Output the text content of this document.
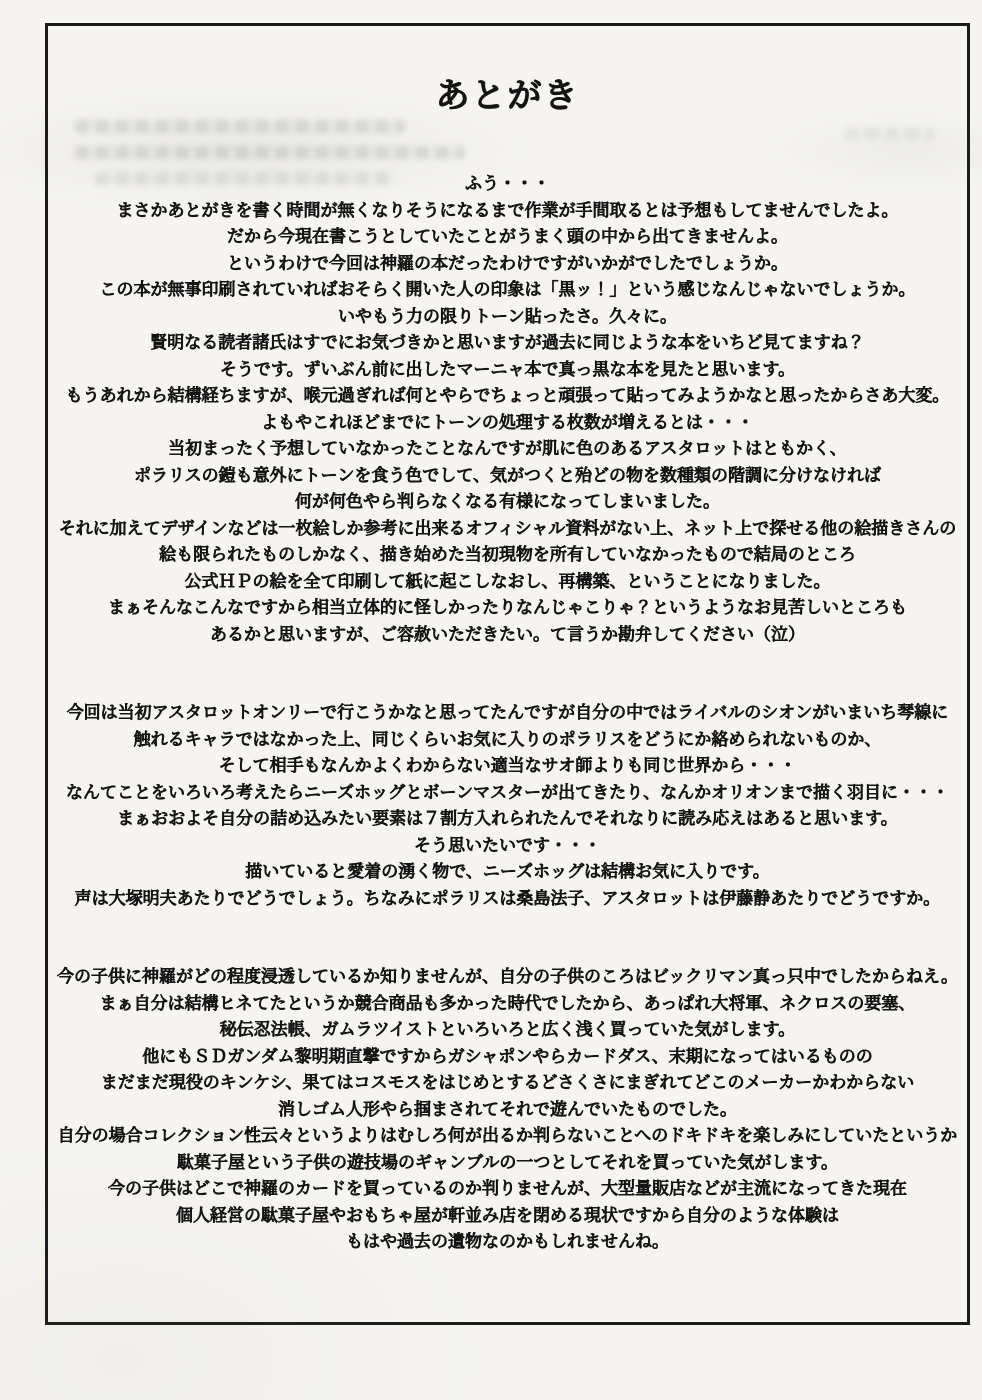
あとがき
ふう・・・
まさかあとがきを書く時間が無くなりそうになるまで作業が手間取るとは予想もしてませんでしたよ。
だから今現在書こうとしていたことがうまく頭の中から出てきませんよ。
というわけで今回は神羅の本だったわけですがいかがでしたでしょうか。
この本が無事印刷されていればおそらく開いた人の印象は「黒ッ！」という感じなんじゃないでしょうか。
いやもう力の限りトーン貼ったさ。久々に。
賢明なる読者諸氏はすでにお気づきかと思いますが過去に同じような本をいちど見てますね？
そうです。ずいぶん前に出したマーニャ本で真っ黒な本を見たと思います。
もうあれから結構経ちますが、喉元過ぎれば何とやらでちょっと頑張って貼ってみようかなと思ったからさあ大変。
よもやこれほどまでにトーンの処理する枚数が増えるとは・・・
当初まったく予想していなかったことなんですが肌に色のあるアスタロットはともかく、
ポラリスの鎧も意外にトーンを食う色でして、気がつくと殆どの物を数種類の階調に分けなければ
何が何色やら判らなくなる有様になってしまいました。
それに加えてデザインなどは一枚絵しか参考に出来るオフィシャル資料がない上、ネット上で探せる他の絵描きさんの
絵も限られたものしかなく、描き始めた当初現物を所有していなかったもので結局のところ
公式ＨＰの絵を全て印刷して紙に起こしなおし、再構築、ということになりました。
まぁそんなこんなですから相当立体的に怪しかったりなんじゃこりゃ？というようなお見苦しいところも
あるかと思いますが、ご容赦いただきたい。て言うか勘弁してください（泣）
今回は当初アスタロットオンリーで行こうかなと思ってたんですが自分の中ではライバルのシオンがいまいち琴線に
触れるキャラではなかった上、同じくらいお気に入りのポラリスをどうにか絡められないものか、
そして相手もなんかよくわからない適当なサオ師よりも同じ世界から・・・
なんてことをいろいろ考えたらニーズホッグとボーンマスターが出てきたり、なんかオリオンまで描く羽目に・・・
まぁおおよそ自分の詰め込みたい要素は７割方入れられたんでそれなりに読み応えはあると思います。
そう思いたいです・・・
描いていると愛着の湧く物で、ニーズホッグは結構お気に入りです。
声は大塚明夫あたりでどうでしょう。ちなみにポラリスは桑島法子、アスタロットは伊藤静あたりでどうですか。
今の子供に神羅がどの程度浸透しているか知りませんが、自分の子供のころはビックリマン真っ只中でしたからねえ。
まぁ自分は結構ヒネてたというか競合商品も多かった時代でしたから、あっぱれ大将軍、ネクロスの要塞、
秘伝忍法帳、ガムラツイストといろいろと広く浅く買っていた気がします。
他にもＳＤガンダム黎明期直撃ですからガシャポンやらカードダス、末期になってはいるものの
まだまだ現役のキンケシ、果てはコスモスをはじめとするどさくさにまぎれてどこのメーカーかわからない
消しゴム人形やら掴まされてそれで遊んでいたものでした。
自分の場合コレクション性云々というよりはむしろ何が出るか判らないことへのドキドキを楽しみにしていたというか
駄菓子屋という子供の遊技場のギャンブルの一つとしてそれを買っていた気がします。
今の子供はどこで神羅のカードを買っているのか判りませんが、大型量販店などが主流になってきた現在
個人経営の駄菓子屋やおもちゃ屋が軒並み店を閉める現状ですから自分のような体験は
もはや過去の遺物なのかもしれませんね。
